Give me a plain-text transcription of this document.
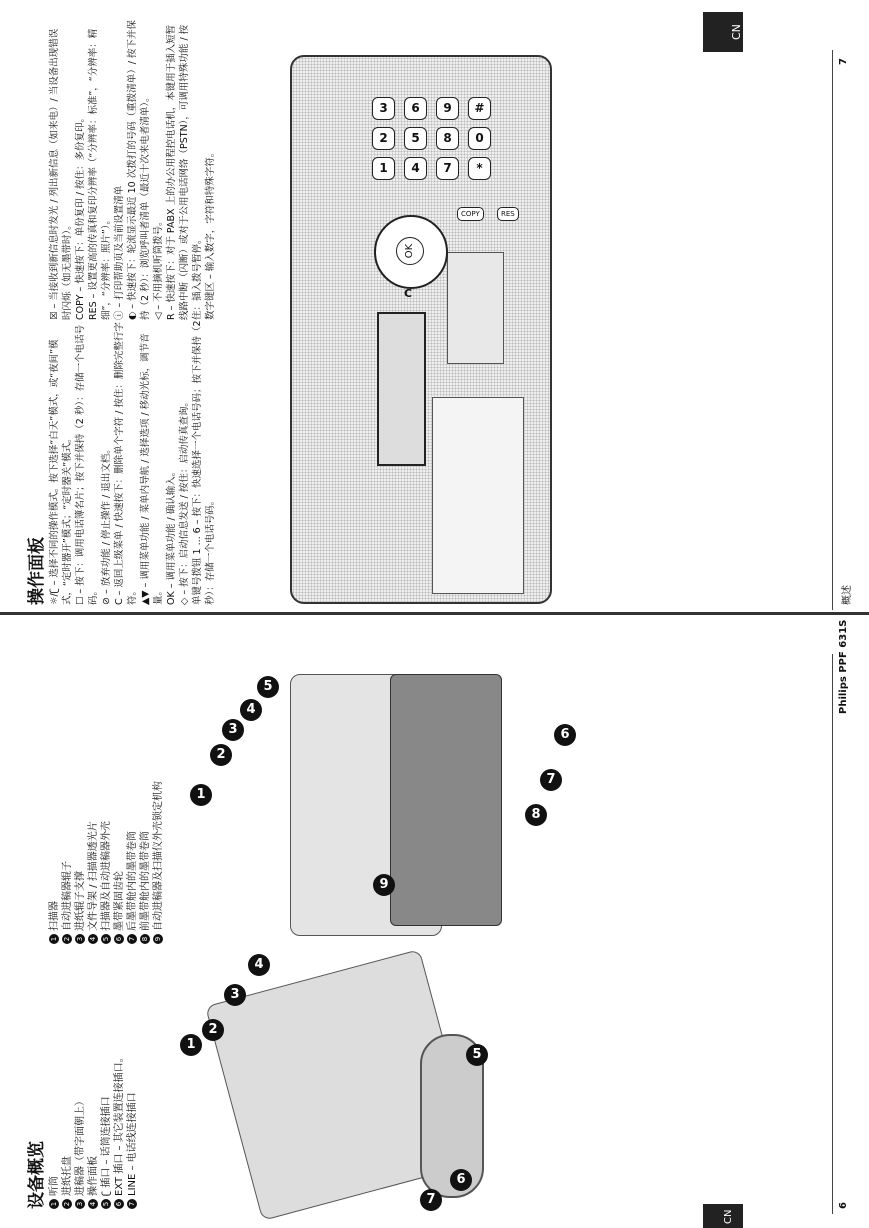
CN
概述
7
操作面板 ☼/ʗ – 选择不同的操作模式。按下选择“白天”模式，或“夜间”模式，“定时器开”模式；“定时器关”模式。 ☐ – 按下：调用电话簿名片；按下并保持（2 秒）：存储一个电话号码。 ⊘ – 放弃功能 / 停止操作 / 退出文档。 C – 返回上级菜单 / 快速按下：删除单个字符 / 按住：删除完整行字符。 ▲▼ – 调用菜单功能 / 菜单内导航 / 选择选项 / 移动光标，调节音量。 OK – 调用菜单功能 / 确认输入。 ◇ – 按下：启动信息发送 / 按住：启动传真查询。 单键号拨钮 1 ... 6 – 按下：快速选择一个电话号码；按下并保持（2 秒）：存储一个电话号码。
☒ – 当接收到新信息时发光 / 列出新信息（如来电）/ 当设备出现错误时闪烁（如无墨带时）。 COPY – 快速按下：单份复印 / 按住：多份复印。 RES – 设置更高的传真和复印分辨率（“分辨率：标准”，“分辨率：精细”，“分辨率：照片”）。 ⓘ – 打印帮助页及当前设置清单 ◐ – 快速按下：轮流显示最近 10 次拨打的号码（重拨清单）/ 按下并保持（2 秒）：浏览呼叫者清单（最近十次来电者清单）。 ◁ – 不用摘机听筒拨号。 R – 快速按下：对于 PABX 上的办公用程控电话机，本键用于插入短暂线路中断（闪断）或对于公用电话网络（PSTN），可调用特殊功能 / 按住：插入拨号暂停。 数字键区 – 输入数字，字符和特殊字符。	OK
1
2
3
4
5
6
7
8
9
*
0
#
COPY	RES
C
CN
6
Philips PPF 631S
设备概览 1听筒
2进纸托盘
3进稿器（带字面朝上）
4操作面板
5ʗ 插口 – 话筒连接插口
6EXT 插口 – 其它装置连接插口。
7LINE – 电话线连接插口
1扫描器
2自动进稿器辊子
3进纸辊子支撑
4文件导架 / 扫描器透光片
5扫描器及自动进稿器外壳
6墨带紧固齿轮
7后墨带舱内的墨带卷筒
8前墨带舱内的墨带卷筒
9自动进稿器及扫描仪外壳锁定机构
1
2
3
4
5
6
7
1
2
3
4
5
6
7
8
9
